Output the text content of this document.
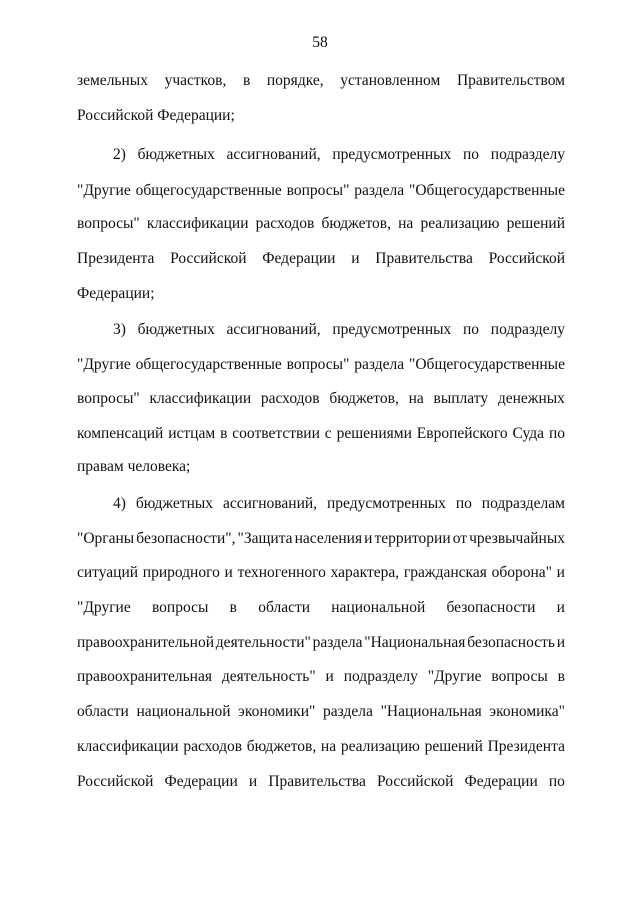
58
земельных участков, в порядке, установленном Правительством
Российской Федерации;
2) бюджетных ассигнований, предусмотренных по подразделу
"Другие общегосударственные вопросы" раздела "Общегосударственные
вопросы" классификации расходов бюджетов, на реализацию решений
Президента Российской Федерации и Правительства Российской
Федерации;
3) бюджетных ассигнований, предусмотренных по подразделу
"Другие общегосударственные вопросы" раздела "Общегосударственные
вопросы" классификации расходов бюджетов, на выплату денежных
компенсаций истцам в соответствии с решениями Европейского Суда по
правам человека;
4) бюджетных ассигнований, предусмотренных по подразделам
"Органы безопасности", "Защита населения и территории от чрезвычайных
ситуаций природного и техногенного характера, гражданская оборона" и
"Другие вопросы в области национальной безопасности и
правоохранительной деятельности" раздела "Национальная безопасность и
правоохранительная деятельность" и подразделу "Другие вопросы в
области национальной экономики" раздела "Национальная экономика"
классификации расходов бюджетов, на реализацию решений Президента
Российской Федерации и Правительства Российской Федерации по
